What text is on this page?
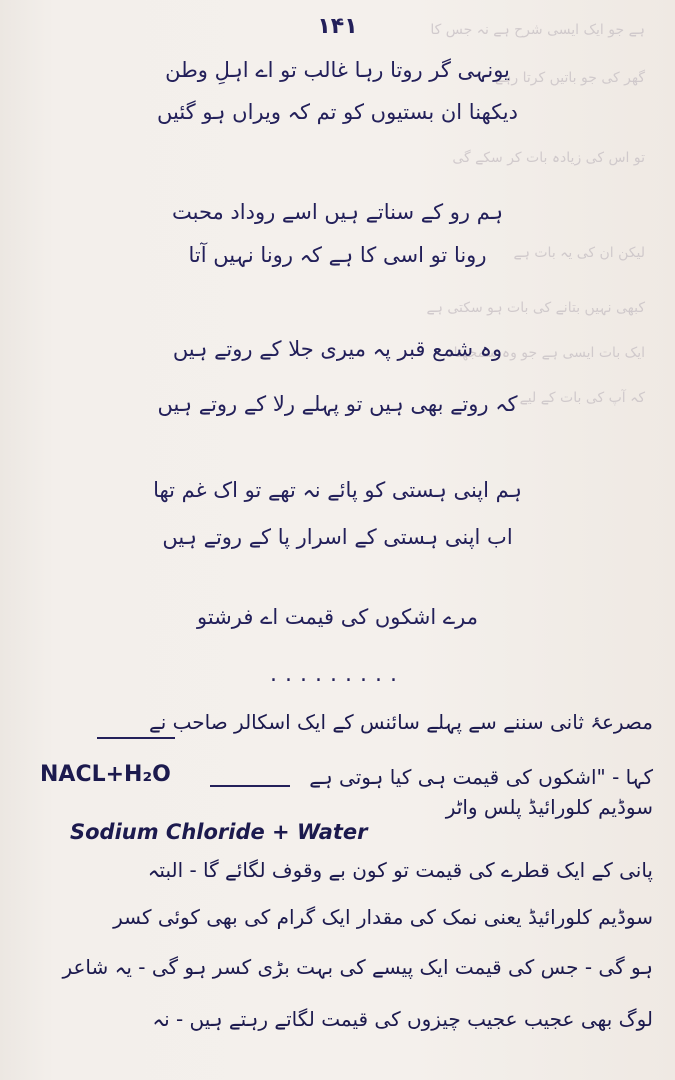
ہے جو ایک ایسی شرح ہے نہ جس کا
گھر کی جو باتیں کرتا رہے
تو اس کی زیادہ بات کر سکے گی
لیکن ان کی یہ بات ہے
کبھی نہیں بتانے کی بات ہو سکتی ہے
ایک بات ایسی ہے جو وہ سمجھتا
کہ آپ کی بات کے لیے
١۴١
یونہی گر روتا رہا غالب تو اے اہلِ وطن
دیکھنا ان بستیوں کو تم کہ ویراں ہو گئیں
ہم رو کے سناتے ہیں اسے روداد محبت
رونا تو اسی کا ہے کہ رونا نہیں آتا
وہ شمع قبر پہ میری جلا کے روتے ہیں
کہ روتے بھی ہیں تو پہلے رلا کے روتے ہیں
ہم اپنی ہستی کو پائے نہ تھے تو اک غم تھا
اب اپنی ہستی کے اسرار پا کے روتے ہیں
مرے اشکوں کی قیمت اے فرشتو
.........
مصرعۂ ثانی سننے سے پہلے سائنس کے ایک اسکالر صاحب نے
کہا - "اشکوں کی قیمت ہی کیا ہوتی ہے
NACL+H₂O
سوڈیم کلورائیڈ پلس واٹر
Sodium Chloride + Water
پانی کے ایک قطرے کی قیمت تو کون بے وقوف لگائے گا - البتہ
سوڈیم کلورائیڈ یعنی نمک کی مقدار ایک گرام کی بھی کوئی کسر
ہو گی - جس کی قیمت ایک پیسے کی بہت بڑی کسر ہو گی - یہ شاعر
لوگ بھی عجیب عجیب چیزوں کی قیمت لگاتے رہتے ہیں - نہ
